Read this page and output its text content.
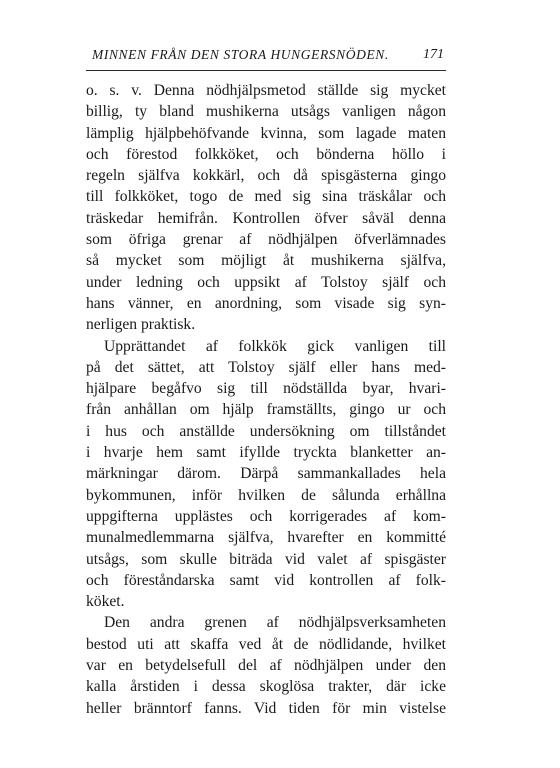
MINNEN FRÅN DEN STORA HUNGERSNÖDEN. 171
o. s. v. Denna nödhjälpsmetod ställde sig mycket
billig, ty bland mushikerna utsågs vanligen någon
lämplig hjälpbehöfvande kvinna, som lagade maten
och förestod folkköket, och bönderna höllo i
regeln själfva kokkärl, och då spisgästerna gingo
till folkköket, togo de med sig sina träskålar och
träskedar hemifrån. Kontrollen öfver såväl denna
som öfriga grenar af nödhjälpen öfverlämnades
så mycket som möjligt åt mushikerna själfva,
under ledning och uppsikt af Tolstoy själf och
hans vänner, en anordning, som visade sig syn-
nerligen praktisk.
Upprättandet af folkkök gick vanligen till
på det sättet, att Tolstoy själf eller hans med-
hjälpare begåfvo sig till nödställda byar, hvari-
från anhållan om hjälp framställts, gingo ur och
i hus och anställde undersökning om tillståndet
i hvarje hem samt ifyllde tryckta blanketter an-
märkningar därom. Därpå sammankallades hela
bykommunen, inför hvilken de sålunda erhållna
uppgifterna upplästes och korrigerades af kom-
munalmedlemmarna själfva, hvarefter en kommitté
utsågs, som skulle biträda vid valet af spisgäster
och föreståndarska samt vid kontrollen af folk-
köket.
Den andra grenen af nödhjälpsverksamheten
bestod uti att skaffa ved åt de nödlidande, hvilket
var en betydelsefull del af nödhjälpen under den
kalla årstiden i dessa skoglösa trakter, där icke
heller bränntorf fanns. Vid tiden för min vistelse
